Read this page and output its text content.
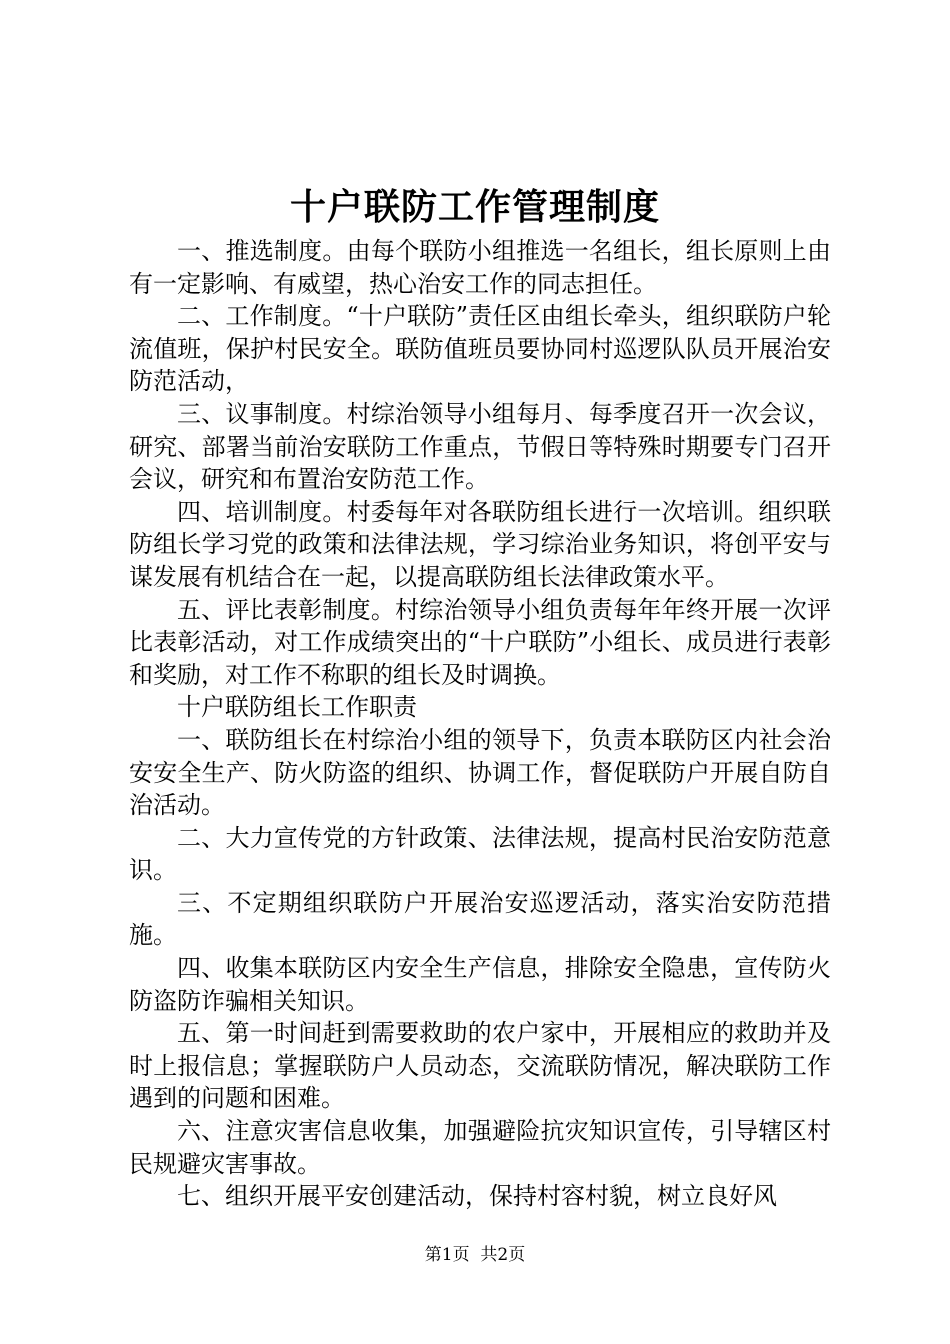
十户联防工作管理制度

一、推选制度。由每个联防小组推选一名组长，组长原则上由有一定影响、有威望，热心治安工作的同志担任。

二、工作制度。“十户联防”责任区由组长牵头，组织联防户轮流值班，保护村民安全。联防值班员要协同村巡逻队队员开展治安防范活动，

三、议事制度。村综治领导小组每月、每季度召开一次会议，研究、部署当前治安联防工作重点，节假日等特殊时期要专门召开会议，研究和布置治安防范工作。

四、培训制度。村委每年对各联防组长进行一次培训。组织联防组长学习党的政策和法律法规，学习综治业务知识，将创平安与谋发展有机结合在一起，以提高联防组长法律政策水平。

五、评比表彰制度。村综治领导小组负责每年年终开展一次评比表彰活动，对工作成绩突出的“十户联防”小组长、成员进行表彰和奖励，对工作不称职的组长及时调换。

十户联防组长工作职责

一、联防组长在村综治小组的领导下，负责本联防区内社会治安安全生产、防火防盗的组织、协调工作，督促联防户开展自防自治活动。

二、大力宣传党的方针政策、法律法规，提高村民治安防范意识。

三、不定期组织联防户开展治安巡逻活动，落实治安防范措施。

四、收集本联防区内安全生产信息，排除安全隐患，宣传防火防盗防诈骗相关知识。

五、第一时间赶到需要救助的农户家中，开展相应的救助并及时上报信息；掌握联防户人员动态，交流联防情况，解决联防工作遇到的问题和困难。

六、注意灾害信息收集，加强避险抗灾知识宣传，引导辖区村民规避灾害事故。

七、组织开展平安创建活动，保持村容村貌，树立良好风

第1页 共2页
